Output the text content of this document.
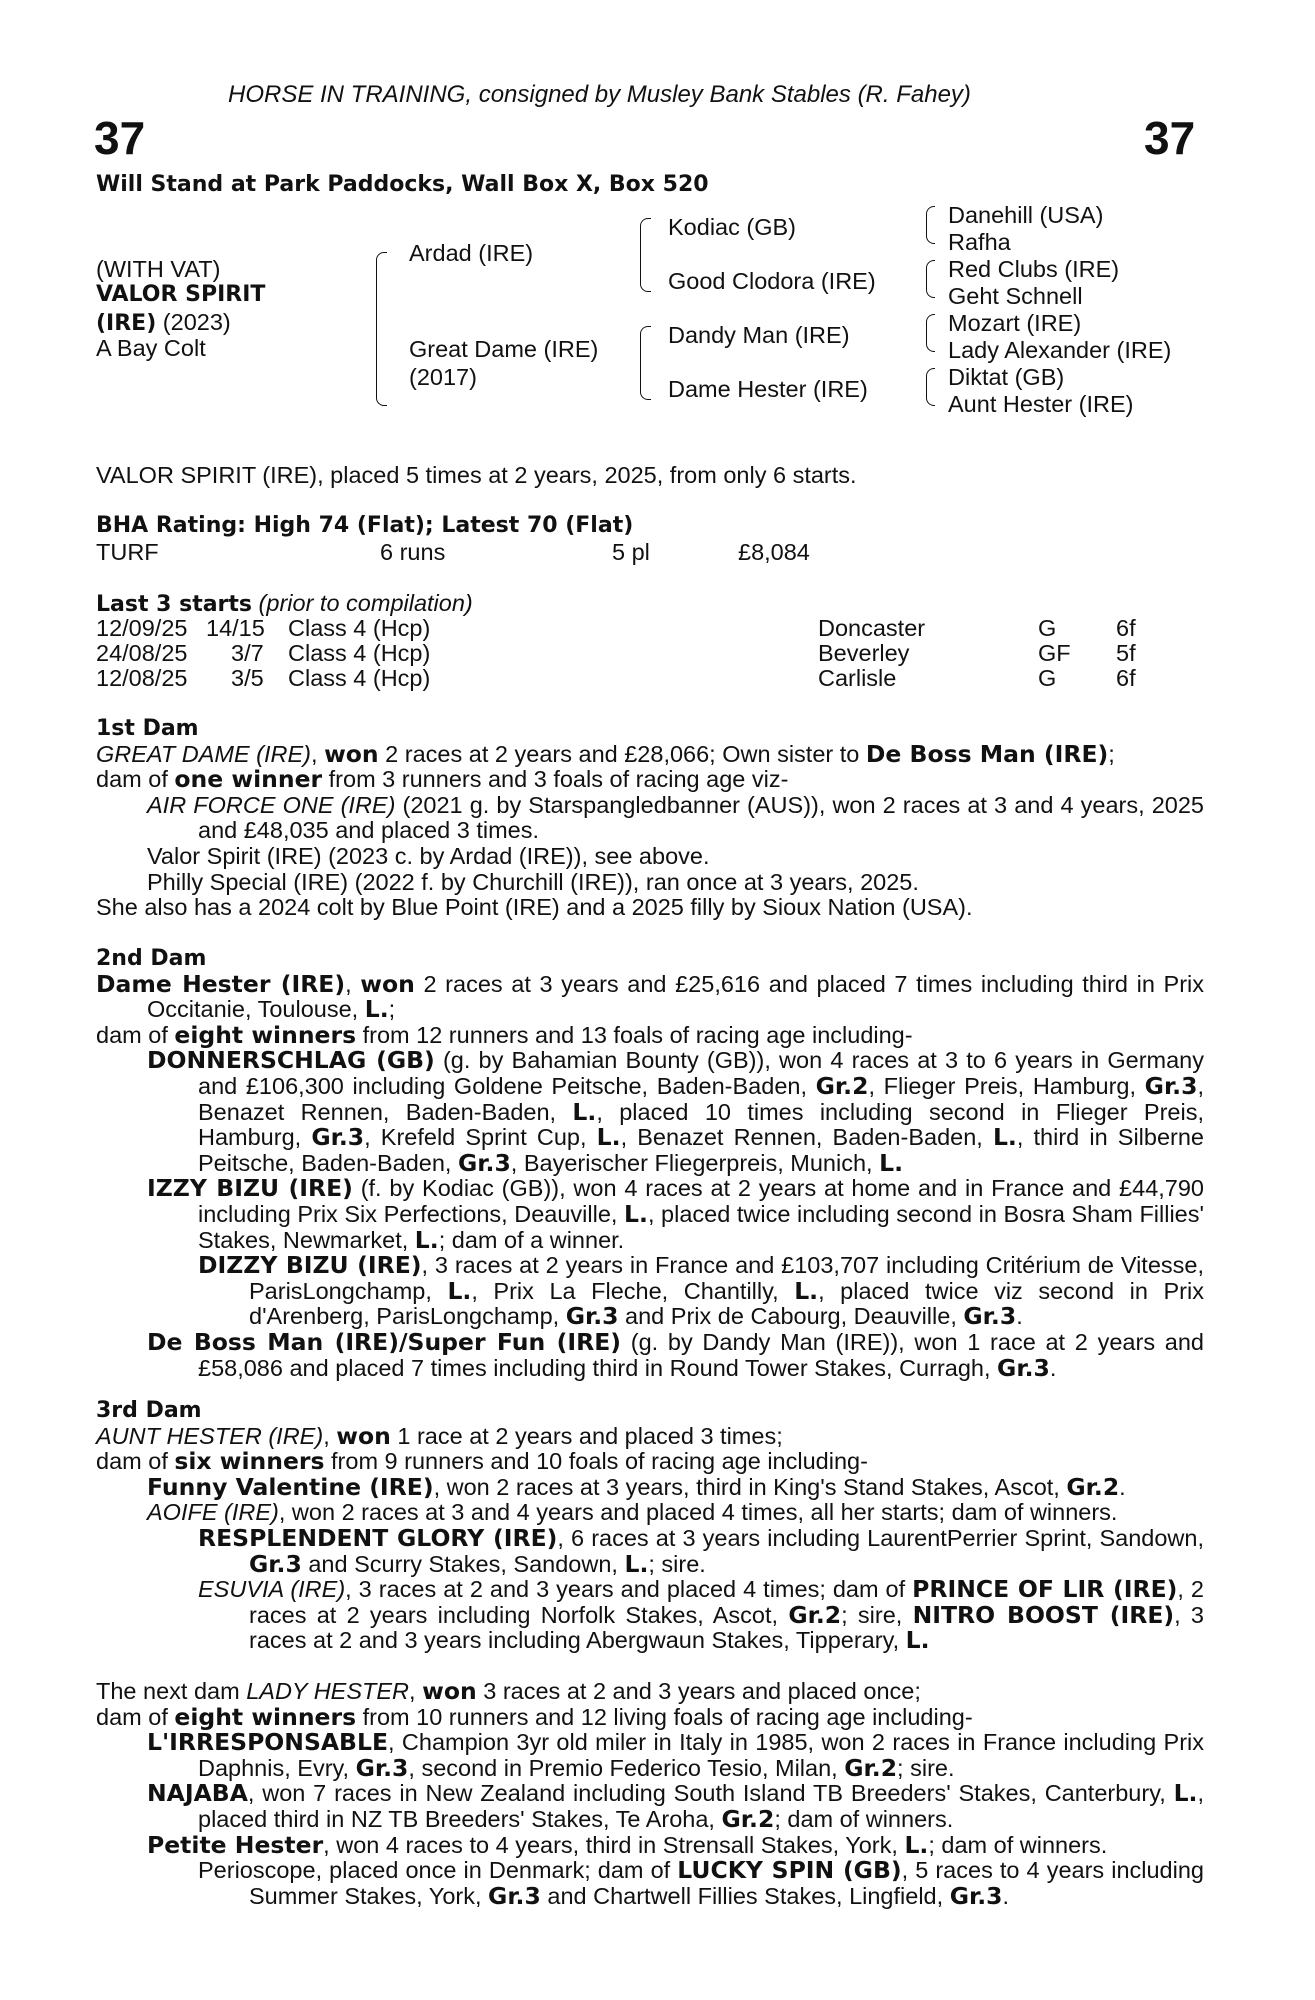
HORSE IN TRAINING, consigned by Musley Bank Stables (R. Fahey)
37	37
Will Stand at Park Paddocks, Wall Box X, Box 520
(WITH VAT)
VALOR SPIRIT
(IRE) (2023)
A Bay Colt
Ardad (IRE)
Great Dame (IRE)
(2017)
Kodiac (GB)
Good Clodora (IRE)
Dandy Man (IRE)
Dame Hester (IRE)
Danehill (USA)
Rafha
Red Clubs (IRE)
Geht Schnell
Mozart (IRE)
Lady Alexander (IRE)
Diktat (GB)
Aunt Hester (IRE)
VALOR SPIRIT (IRE), placed 5 times at 2 years, 2025, from only 6 starts.
BHA Rating: High 74 (Flat); Latest 70 (Flat)
TURF	6 runs	5 pl	£8,084
Last 3 starts (prior to compilation)
12/09/25 14/15 Class 4 (Hcp)	Doncaster	G	6f
24/08/25 3/7 Class 4 (Hcp)	Beverley	GF 5f
12/08/25 3/5 Class 4 (Hcp)	Carlisle	G	6f

1st Dam

GREAT DAME (IRE), won 2 races at 2 years and £28,066; Own sister to De Boss Man (IRE);

dam of one winner from 3 runners and 3 foals of racing age viz-

AIR FORCE ONE (IRE) (2021 g. by Starspangledbanner (AUS)), won 2 races at 3 and 4 years, 2025 and £48,035 and placed 3 times.

Valor Spirit (IRE) (2023 c. by Ardad (IRE)), see above.

Philly Special (IRE) (2022 f. by Churchill (IRE)), ran once at 3 years, 2025.

She also has a 2024 colt by Blue Point (IRE) and a 2025 filly by Sioux Nation (USA).

2nd Dam

Dame Hester (IRE), won 2 races at 3 years and £25,616 and placed 7 times including third in Prix Occitanie, Toulouse, L.;

dam of eight winners from 12 runners and 13 foals of racing age including-

DONNERSCHLAG (GB) (g. by Bahamian Bounty (GB)), won 4 races at 3 to 6 years in Germany and £106,300 including Goldene Peitsche, Baden-Baden, Gr.2, Flieger Preis, Hamburg, Gr.3, Benazet Rennen, Baden-Baden, L., placed 10 times including second in Flieger Preis, Hamburg, Gr.3, Krefeld Sprint Cup, L., Benazet Rennen, Baden-Baden, L., third in Silberne Peitsche, Baden-Baden, Gr.3, Bayerischer Fliegerpreis, Munich, L.

IZZY BIZU (IRE) (f. by Kodiac (GB)), won 4 races at 2 years at home and in France and £44,790 including Prix Six Perfections, Deauville, L., placed twice including second in Bosra Sham Fillies' Stakes, Newmarket, L.; dam of a winner.

DIZZY BIZU (IRE), 3 races at 2 years in France and £103,707 including Critérium de Vitesse, ParisLongchamp, L., Prix La Fleche, Chantilly, L., placed twice viz second in Prix d'Arenberg, ParisLongchamp, Gr.3 and Prix de Cabourg, Deauville, Gr.3.

De Boss Man (IRE)/Super Fun (IRE) (g. by Dandy Man (IRE)), won 1 race at 2 years and £58,086 and placed 7 times including third in Round Tower Stakes, Curragh, Gr.3.

3rd Dam

AUNT HESTER (IRE), won 1 race at 2 years and placed 3 times;

dam of six winners from 9 runners and 10 foals of racing age including-

Funny Valentine (IRE), won 2 races at 3 years, third in King's Stand Stakes, Ascot, Gr.2.

AOIFE (IRE), won 2 races at 3 and 4 years and placed 4 times, all her starts; dam of winners.

RESPLENDENT GLORY (IRE), 6 races at 3 years including LaurentPerrier Sprint, Sandown, Gr.3 and Scurry Stakes, Sandown, L.; sire.

ESUVIA (IRE), 3 races at 2 and 3 years and placed 4 times; dam of PRINCE OF LIR (IRE), 2 races at 2 years including Norfolk Stakes, Ascot, Gr.2; sire, NITRO BOOST (IRE), 3 races at 2 and 3 years including Abergwaun Stakes, Tipperary, L.

The next dam LADY HESTER, won 3 races at 2 and 3 years and placed once;

dam of eight winners from 10 runners and 12 living foals of racing age including-

L'IRRESPONSABLE, Champion 3yr old miler in Italy in 1985, won 2 races in France including Prix Daphnis, Evry, Gr.3, second in Premio Federico Tesio, Milan, Gr.2; sire.

NAJABA, won 7 races in New Zealand including South Island TB Breeders' Stakes, Canterbury, L., placed third in NZ TB Breeders' Stakes, Te Aroha, Gr.2; dam of winners.

Petite Hester, won 4 races to 4 years, third in Strensall Stakes, York, L.; dam of winners.

Perioscope, placed once in Denmark; dam of LUCKY SPIN (GB), 5 races to 4 years including Summer Stakes, York, Gr.3 and Chartwell Fillies Stakes, Lingfield, Gr.3.
